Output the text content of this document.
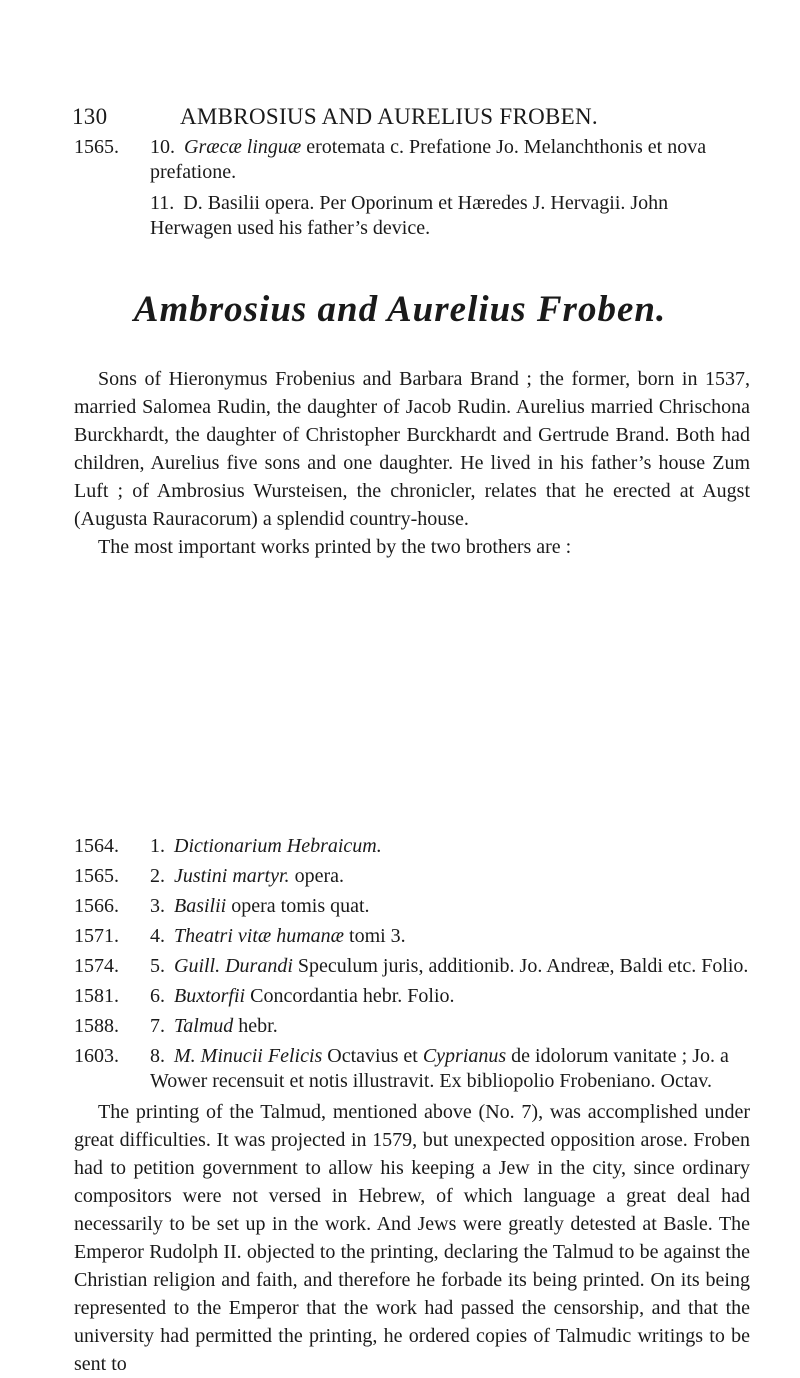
130	AMBROSIUS AND AURELIUS FROBEN.
1565.	10. Græcæ linguæ erotemata c. Prefatione Jo. Melanchthonis et nova prefatione.
11. D. Basilii opera. Per Oporinum et Hæredes J. Hervagii. John Herwagen used his father’s device.
Ambrosius and Aurelius Froben.

Sons of Hieronymus Frobenius and Barbara Brand ; the former, born in 1537, married Salomea Rudin, the daughter of Jacob Rudin. Aurelius married Chrischona Burckhardt, the daughter of Christopher Burckhardt and Gertrude Brand. Both had children, Aurelius five sons and one daughter. He lived in his father’s house Zum Luft ; of Ambrosius Wursteisen, the chronicler, relates that he erected at Augst (Augusta Rauracorum) a splendid country-house.

The most important works printed by the two brothers are :

1564.	1. Dictionarium Hebraicum.
1565.	2. Justini martyr. opera.
1566.	3. Basilii opera tomis quat.
1571.	4. Theatri vitæ humanæ tomi 3.
1574.	5. Guill. Durandi Speculum juris, additionib. Jo. Andreæ, Baldi etc. Folio.
1581.	6. Buxtorfii Concordantia hebr. Folio.
1588.	7. Talmud hebr.
1603.	8. M. Minucii Felicis Octavius et Cyprianus de idolorum vanitate ; Jo. a Wower recensuit et notis illustravit. Ex bibliopolio Frobeniano. Octav.

The printing of the Talmud, mentioned above (No. 7), was accomplished under great difficulties. It was projected in 1579, but unexpected opposition arose. Froben had to petition government to allow his keeping a Jew in the city, since ordinary compositors were not versed in Hebrew, of which language a great deal had necessarily to be set up in the work. And Jews were greatly detested at Basle. The Emperor Rudolph II. objected to the printing, declaring the Talmud to be against the Christian religion and faith, and therefore he forbade its being printed. On its being represented to the Emperor that the work had passed the censorship, and that the university had permitted the printing, he ordered copies of Talmudic writings to be sent to
